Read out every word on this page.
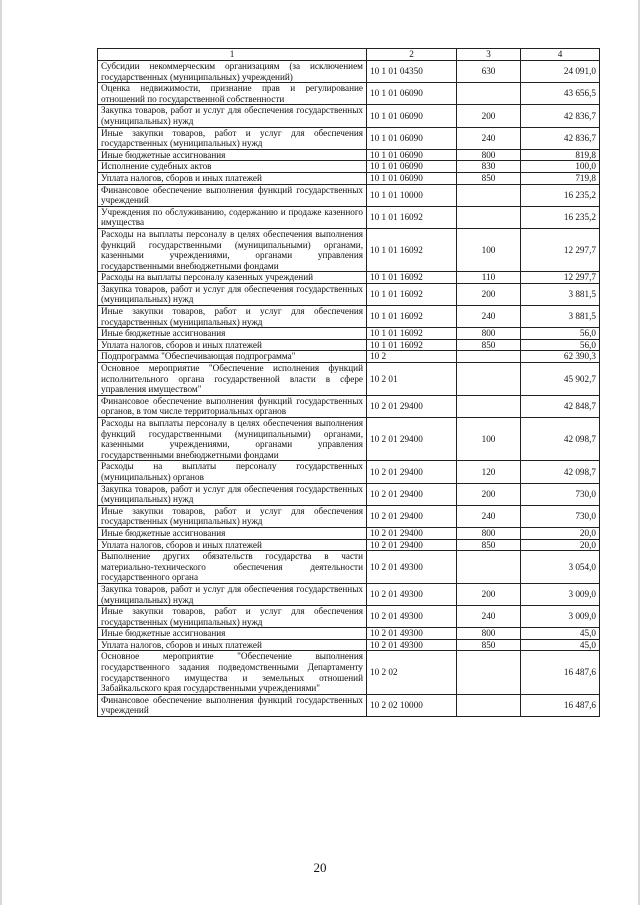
1	2	3	4
Субсидии некоммерческим организациям (за исключением государственных (муниципальных) учреждений)	10 1 01 04350	630	24 091,0
Оценка недвижимости, признание прав и регулирование отношений по государственной собственности	10 1 01 06090		43 656,5
Закупка товаров, работ и услуг для обеспечения государственных (муниципальных) нужд	10 1 01 06090	200	42 836,7
Иные закупки товаров, работ и услуг для обеспечения государственных (муниципальных) нужд	10 1 01 06090	240	42 836,7
Иные бюджетные ассигнования	10 1 01 06090	800	819,8
Исполнение судебных актов	10 1 01 06090	830	100,0
Уплата налогов, сборов и иных платежей	10 1 01 06090	850	719,8
Финансовое обеспечение выполнения функций государственных учреждений	10 1 01 10000		16 235,2
Учреждения по обслуживанию, содержанию и продаже казенного имущества	10 1 01 16092		16 235,2
Расходы на выплаты персоналу в целях обеспечения выполнения функций государственными (муниципальными) органами, казенными учреждениями, органами управления государственными внебюджетными фондами	10 1 01 16092	100	12 297,7
Расходы на выплаты персоналу казенных учреждений	10 1 01 16092	110	12 297,7
Закупка товаров, работ и услуг для обеспечения государственных (муниципальных) нужд	10 1 01 16092	200	3 881,5
Иные закупки товаров, работ и услуг для обеспечения государственных (муниципальных) нужд	10 1 01 16092	240	3 881,5
Иные бюджетные ассигнования	10 1 01 16092	800	56,0
Уплата налогов, сборов и иных платежей	10 1 01 16092	850	56,0
Подпрограмма "Обеспечивающая подпрограмма"	10 2		62 390,3
Основное мероприятие "Обеспечение исполнения функций исполнительного органа государственной власти в сфере управления имуществом"	10 2 01		45 902,7
Финансовое обеспечение выполнения функций государственных органов, в том числе территориальных органов	10 2 01 29400		42 848,7
Расходы на выплаты персоналу в целях обеспечения выполнения функций государственными (муниципальными) органами, казенными учреждениями, органами управления государственными внебюджетными фондами	10 2 01 29400	100	42 098,7
Расходы на выплаты персоналу государственных (муниципальных) органов	10 2 01 29400	120	42 098,7
Закупка товаров, работ и услуг для обеспечения государственных (муниципальных) нужд	10 2 01 29400	200	730,0
Иные закупки товаров, работ и услуг для обеспечения государственных (муниципальных) нужд	10 2 01 29400	240	730,0
Иные бюджетные ассигнования	10 2 01 29400	800	20,0
Уплата налогов, сборов и иных платежей	10 2 01 29400	850	20,0
Выполнение других обязательств государства в части материально-технического обеспечения деятельности государственного органа	10 2 01 49300		3 054,0
Закупка товаров, работ и услуг для обеспечения государственных (муниципальных) нужд	10 2 01 49300	200	3 009,0
Иные закупки товаров, работ и услуг для обеспечения государственных (муниципальных) нужд	10 2 01 49300	240	3 009,0
Иные бюджетные ассигнования	10 2 01 49300	800	45,0
Уплата налогов, сборов и иных платежей	10 2 01 49300	850	45,0
Основное мероприятие "Обеспечение выполнения государственного задания подведомственными Департаменту государственного имущества и земельных отношений Забайкальского края государственными учреждениями"	10 2 02		16 487,6
Финансовое обеспечение выполнения функций государственных учреждений	10 2 02 10000		16 487,6
20
